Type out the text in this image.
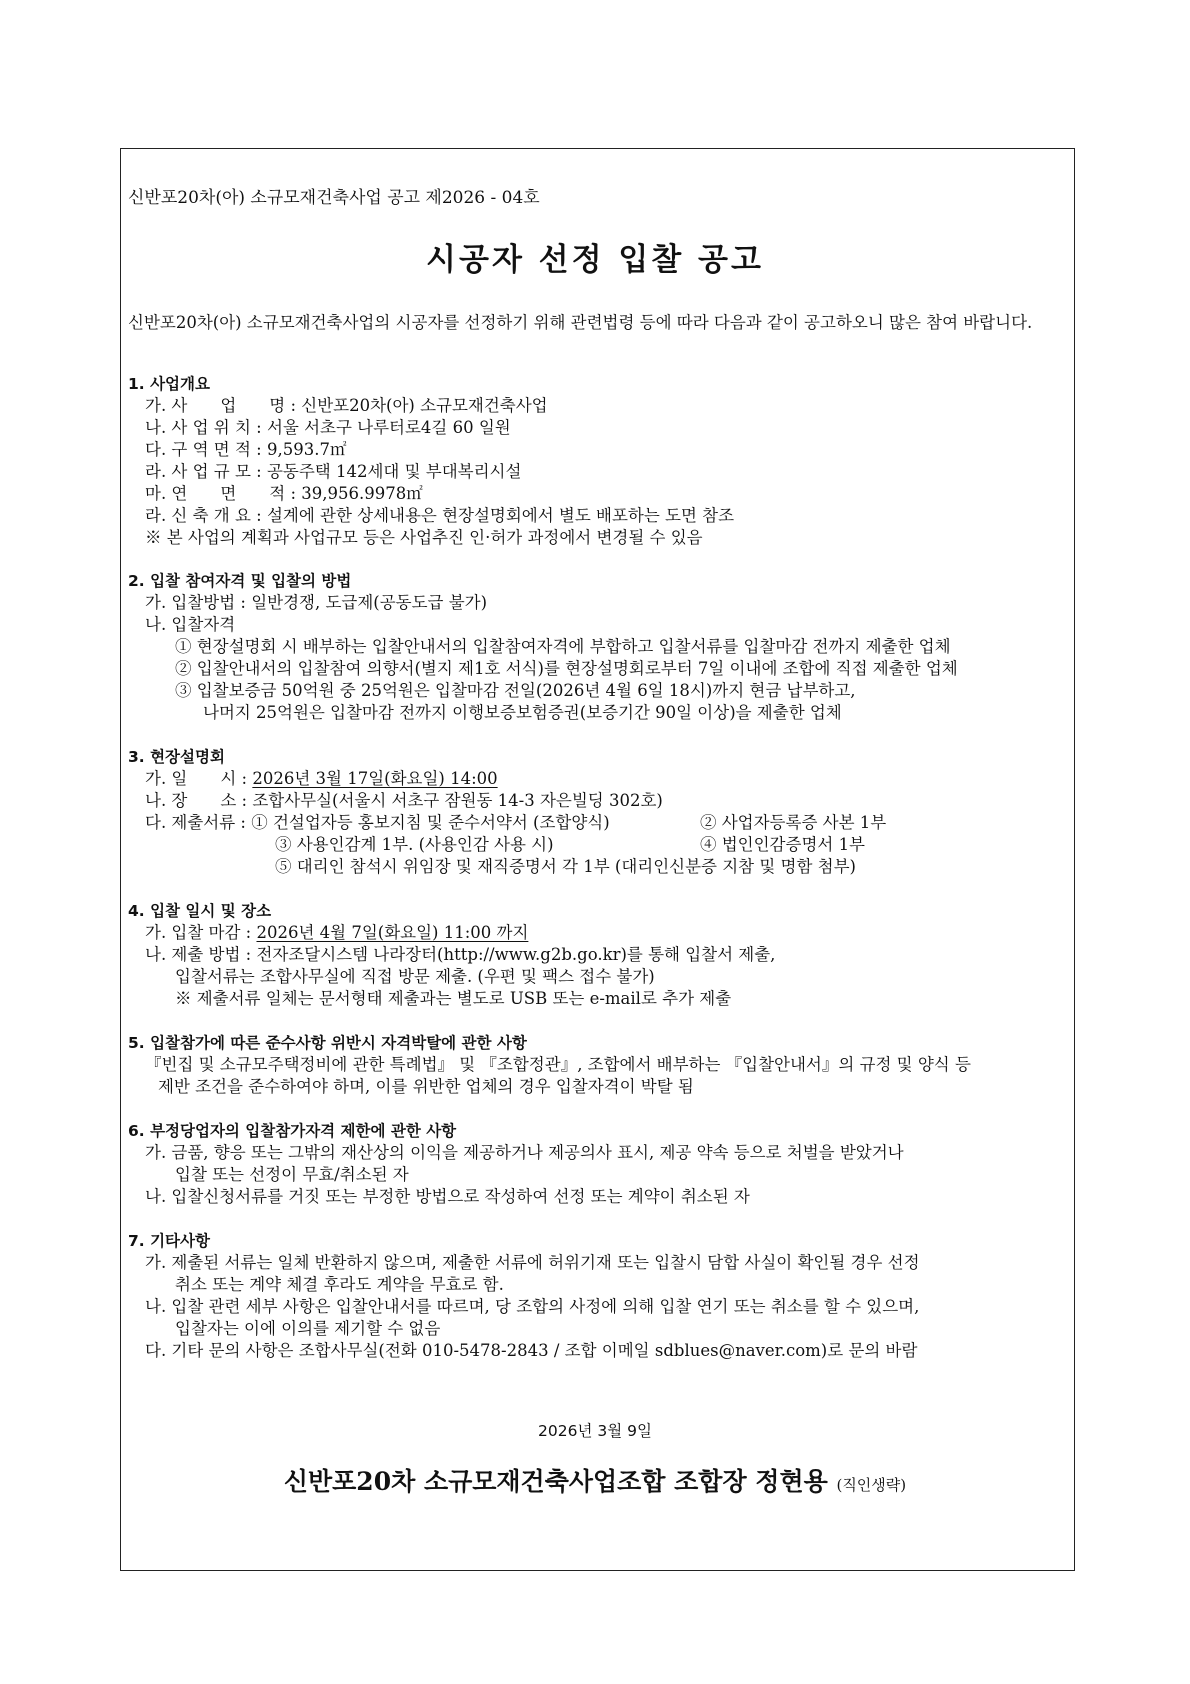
신반포20차(아) 소규모재건축사업 공고 제2026 - 04호
시공자 선정 입찰 공고
신반포20차(아) 소규모재건축사업의 시공자를 선정하기 위해 관련법령 등에 따라 다음과 같이 공고하오니 많은 참여 바랍니다.
1. 사업개요
가. 사　　업　　명 : 신반포20차(아) 소규모재건축사업
나. 사 업 위 치 : 서울 서초구 나루터로4길 60 일원
다. 구 역 면 적 : 9,593.7㎡
라. 사 업 규 모 : 공동주택 142세대 및 부대복리시설
마. 연　　면　　적 : 39,956.9978㎡
라. 신 축 개 요 : 설계에 관한 상세내용은 현장설명회에서 별도 배포하는 도면 참조
※ 본 사업의 계획과 사업규모 등은 사업추진 인·허가 과정에서 변경될 수 있음
2. 입찰 참여자격 및 입찰의 방법
가. 입찰방법 : 일반경쟁, 도급제(공동도급 불가)
나. 입찰자격
① 현장설명회 시 배부하는 입찰안내서의 입찰참여자격에 부합하고 입찰서류를 입찰마감 전까지 제출한 업체
② 입찰안내서의 입찰참여 의향서(별지 제1호 서식)를 현장설명회로부터 7일 이내에 조합에 직접 제출한 업체
③ 입찰보증금 50억원 중 25억원은 입찰마감 전일(2026년 4월 6일 18시)까지 현금 납부하고,
나머지 25억원은 입찰마감 전까지 이행보증보험증권(보증기간 90일 이상)을 제출한 업체
3. 현장설명회
가. 일　　시 : 2026년 3월 17일(화요일) 14:00
나. 장　　소 : 조합사무실(서울시 서초구 잠원동 14-3 자은빌딩 302호)
다. 제출서류 : ① 건설업자등 홍보지침 및 준수서약서 (조합양식)	② 사업자등록증 사본 1부
③ 사용인감계 1부. (사용인감 사용 시)	④ 법인인감증명서 1부
⑤ 대리인 참석시 위임장 및 재직증명서 각 1부 (대리인신분증 지참 및 명함 첨부)
4. 입찰 일시 및 장소
가. 입찰 마감 : 2026년 4월 7일(화요일) 11:00 까지
나. 제출 방법 : 전자조달시스템 나라장터(http://www.g2b.go.kr)를 통해 입찰서 제출,
입찰서류는 조합사무실에 직접 방문 제출. (우편 및 팩스 접수 불가)
※ 제출서류 일체는 문서형태 제출과는 별도로 USB 또는 e-mail로 추가 제출
5. 입찰참가에 따른 준수사항 위반시 자격박탈에 관한 사항
『빈집 및 소규모주택정비에 관한 특례법』 및 『조합정관』, 조합에서 배부하는 『입찰안내서』의 규정 및 양식 등
제반 조건을 준수하여야 하며, 이를 위반한 업체의 경우 입찰자격이 박탈 됨
6. 부정당업자의 입찰참가자격 제한에 관한 사항
가. 금품, 향응 또는 그밖의 재산상의 이익을 제공하거나 제공의사 표시, 제공 약속 등으로 처벌을 받았거나
입찰 또는 선정이 무효/취소된 자
나. 입찰신청서류를 거짓 또는 부정한 방법으로 작성하여 선정 또는 계약이 취소된 자
7. 기타사항
가. 제출된 서류는 일체 반환하지 않으며, 제출한 서류에 허위기재 또는 입찰시 담합 사실이 확인될 경우 선정
취소 또는 계약 체결 후라도 계약을 무효로 함.
나. 입찰 관련 세부 사항은 입찰안내서를 따르며, 당 조합의 사정에 의해 입찰 연기 또는 취소를 할 수 있으며,
입찰자는 이에 이의를 제기할 수 없음
다. 기타 문의 사항은 조합사무실(전화 010-5478-2843 / 조합 이메일 sdblues@naver.com)로 문의 바람
2026년 3월 9일
신반포20차 소규모재건축사업조합 조합장 정현용 (직인생략)
